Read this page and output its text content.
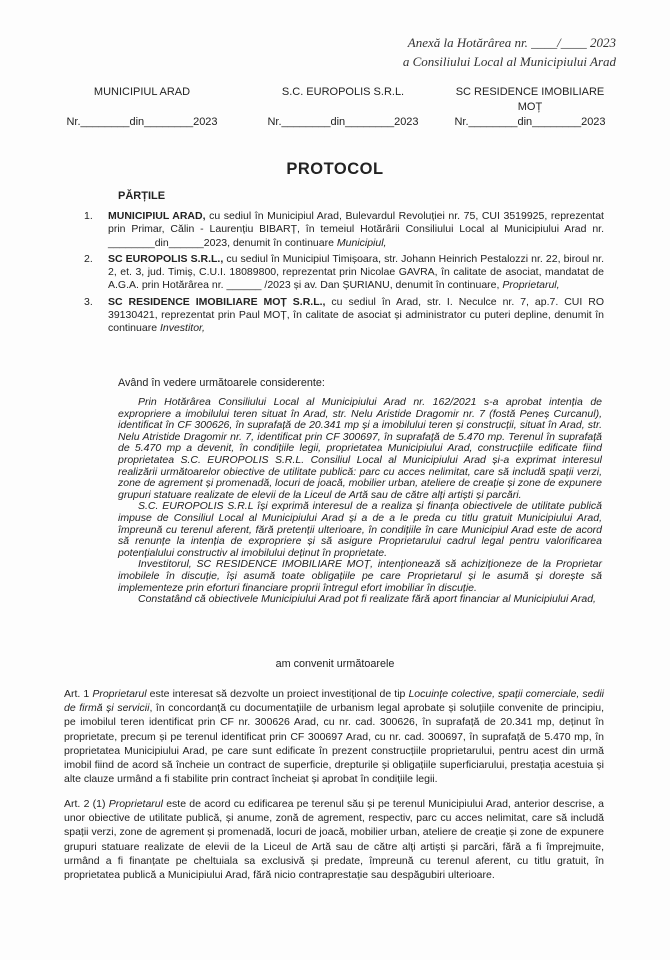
Anexă la Hotărârea nr. ____/____ 2023
a Consiliului Local al Municipiului Arad
MUNICIPIUL ARAD
Nr.________din________2023
S.C. EUROPOLIS S.R.L.
Nr.________din________2023
SC RESIDENCE IMOBILIARE
MOȚ
Nr.________din________2023
PROTOCOL
PĂRȚILE
1.	MUNICIPIUL ARAD, cu sediul în Municipiul Arad, Bulevardul Revoluției nr. 75, CUI 3519925, reprezentat prin Primar, Călin - Laurențiu BIBARȚ, în temeiul Hotărârii Consiliului Local al Municipiului Arad nr. ________din______2023, denumit în continuare Municipiul,
2.	SC EUROPOLIS S.R.L., cu sediul în Municipiul Timișoara, str. Johann Heinrich Pestalozzi nr. 22, biroul nr. 2, et. 3, jud. Timiș, C.U.I. 18089800, reprezentat prin Nicolae GAVRA, în calitate de asociat, mandatat de A.G.A. prin Hotărârea nr. ______ /2023 și av. Dan ȘURIANU, denumit în continuare, Proprietarul,
3.	SC RESIDENCE IMOBILIARE MOȚ S.R.L., cu sediul în Arad, str. I. Neculce nr. 7, ap.7. CUI RO 39130421, reprezentat prin Paul MOȚ, în calitate de asociat și administrator cu puteri depline, denumit în continuare Investitor,
Având în vedere următoarele considerente:

Prin Hotărârea Consiliului Local al Municipiului Arad nr. 162/2021 s-a aprobat intenția de expropriere a imobilului teren situat în Arad, str. Nelu Aristide Dragomir nr. 7 (fostă Peneș Curcanul), identificat în CF 300626, în suprafață de 20.341 mp și a imobilului teren și construcții, situat în Arad, str. Nelu Atristide Dragomir nr. 7, identificat prin CF 300697, în suprafață de 5.470 mp. Terenul în suprafață de 5.470 mp a devenit, în condițiile legii, proprietatea Municipiului Arad, construcțiile edificate fiind proprietatea S.C. EUROPOLIS S.R.L. Consiliul Local al Municipiului Arad și-a exprimat interesul realizării următoarelor obiective de utilitate publică: parc cu acces nelimitat, care să includă spații verzi, zone de agrement și promenadă, locuri de joacă, mobilier urban, ateliere de creație și zone de expunere grupuri statuare realizate de elevii de la Liceul de Artă sau de către alți artiști și parcări.

S.C. EUROPOLIS S.R.L își exprimă interesul de a realiza și finanța obiectivele de utilitate publică impuse de Consiliul Local al Municipiului Arad și a de a le preda cu titlu gratuit Municipiului Arad, împreună cu terenul aferent, fără pretenții ulterioare, în condițiile în care Municipiul Arad este de acord să renunțe la intenția de expropriere și să asigure Proprietarului cadrul legal pentru valorificarea potențialului constructiv al imobilului deținut în proprietate.

Investitorul, SC RESIDENCE IMOBILIARE MOȚ, intenționează să achiziționeze de la Proprietar imobilele în discuție, își asumă toate obligațiile pe care Proprietarul și le asumă și dorește să implementeze prin eforturi financiare proprii întregul efort imobiliar în discuție.

Constatând că obiectivele Municipiului Arad pot fi realizate fără aport financiar al Municipiului Arad,

am convenit următoarele
Art. 1 Proprietarul este interesat să dezvolte un proiect investițional de tip Locuințe colective, spații comerciale, sedii de firmă și servicii, în concordanță cu documentațiile de urbanism legal aprobate și soluțiile convenite de principiu, pe imobilul teren identificat prin CF nr. 300626 Arad, cu nr. cad. 300626, în suprafață de 20.341 mp, deținut în proprietate, precum și pe terenul identificat prin CF 300697 Arad, cu nr. cad. 300697, în suprafață de 5.470 mp, în proprietatea Municipiului Arad, pe care sunt edificate în prezent construcțiile proprietarului, pentru acest din urmă imobil fiind de acord să încheie un contract de superficie, drepturile și obligațiile superficiarului, prestația acestuia și alte clauze urmând a fi stabilite prin contract încheiat și aprobat în condițiile legii.
Art. 2 (1) Proprietarul este de acord cu edificarea pe terenul său și pe terenul Municipiului Arad, anterior descrise, a unor obiective de utilitate publică, și anume, zonă de agrement, respectiv, parc cu acces nelimitat, care să includă spații verzi, zone de agrement și promenadă, locuri de joacă, mobilier urban, ateliere de creație și zone de expunere grupuri statuare realizate de elevii de la Liceul de Artă sau de către alți artiști și parcări, fără a fi împrejmuite, urmând a fi finanțate pe cheltuiala sa exclusivă și predate, împreună cu terenul aferent, cu titlu gratuit, în proprietatea publică a Municipiului Arad, fără nicio contraprestație sau despăgubiri ulterioare.
